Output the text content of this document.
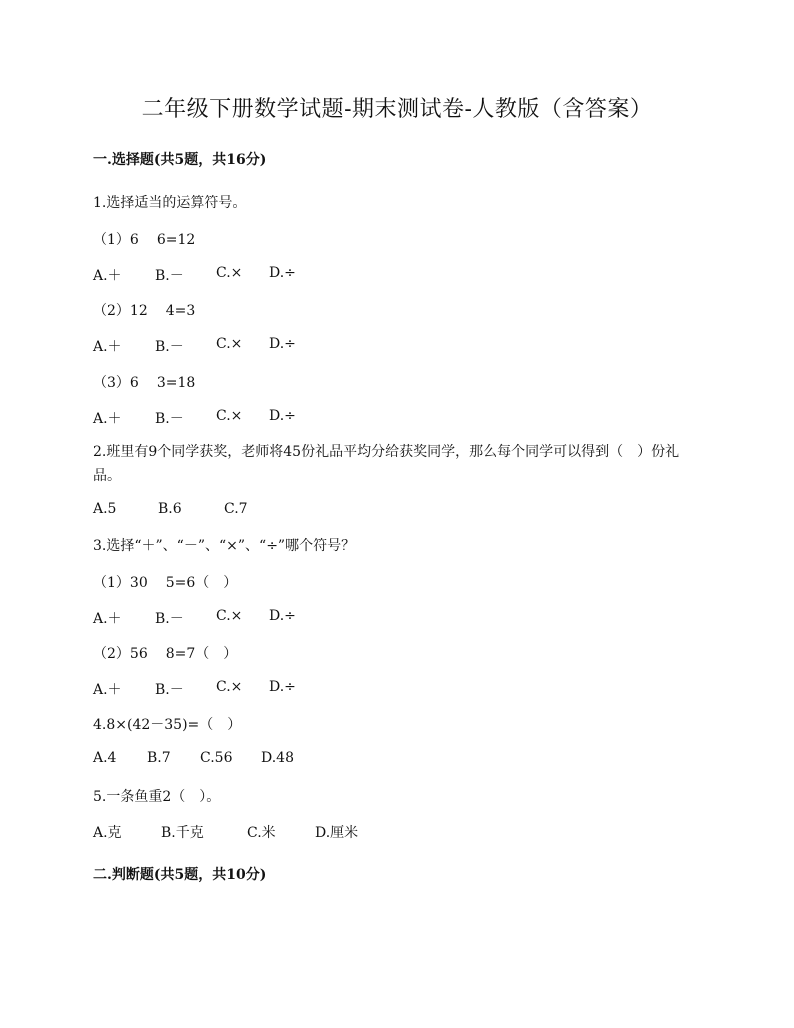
二年级下册数学试题-期末测试卷-人教版（含答案）
一.选择题(共5题，共16分)
1.选择适当的运算符号。
（1）6 6=12
A.＋ B.－ C.× D.÷
（2）12 4=3
A.＋ B.－ C.× D.÷
（3）6 3=18
A.＋ B.－ C.× D.÷
2.班里有9个同学获奖，老师将45份礼品平均分给获奖同学，那么每个同学可以得到（　）份礼品。
A.5	B.6	C.7
3.选择“＋”、“－”、“×”、“÷”哪个符号？
（1）30 5=6（　）
A.＋ B.－ C.× D.÷
（2）56 8=7（　）
A.＋ B.－ C.× D.÷
4.8×(42－35)=（　）
A.4 B.7 C.56 D.48
5.一条鱼重2（　）。
A.克	B.千克	C.米	D.厘米
二.判断题(共5题，共10分)
